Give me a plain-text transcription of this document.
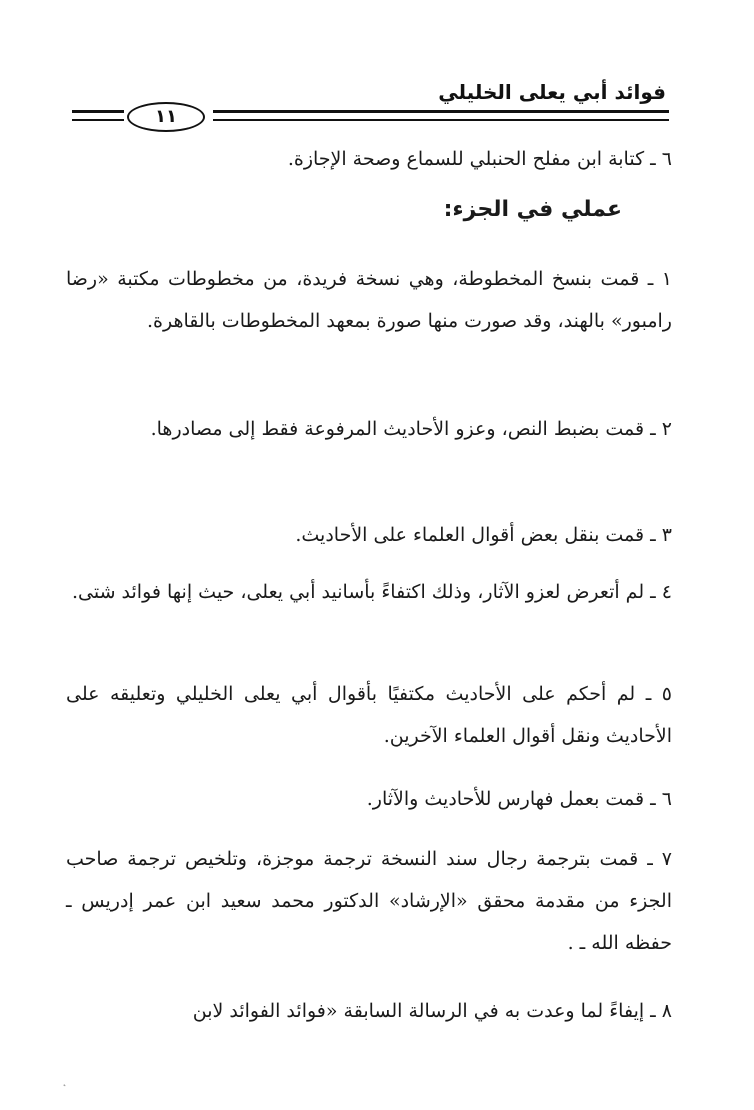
فوائد أبي يعلى الخليلي
١١
٦ ـ كتابة ابن مفلح الحنبلي للسماع وصحة الإجازة.
عملي في الجزء:
١ ـ قمت بنسخ المخطوطة، وهي نسخة فريدة، من مخطوطات مكتبة «رضا رامبور» بالهند، وقد صورت منها صورة بمعهد المخطوطات بالقاهرة.
٢ ـ قمت بضبط النص، وعزو الأحاديث المرفوعة فقط إلى مصادرها.
٣ ـ قمت بنقل بعض أقوال العلماء على الأحاديث.
٤ ـ لم أتعرض لعزو الآثار، وذلك اكتفاءً بأسانيد أبي يعلى، حيث إنها فوائد شتى.
٥ ـ لم أحكم على الأحاديث مكتفيًا بأقوال أبي يعلى الخليلي وتعليقه على الأحاديث ونقل أقوال العلماء الآخرين.
٦ ـ قمت بعمل فهارس للأحاديث والآثار.
٧ ـ قمت بترجمة رجال سند النسخة ترجمة موجزة، وتلخيص ترجمة صاحب الجزء من مقدمة محقق «الإرشاد» الدكتور محمد سعيد ابن عمر إدريس ـ حفظه الله ـ .
٨ ـ إيفاءً لما وعدت به في الرسالة السابقة «فوائد الفوائد لابن
˛
